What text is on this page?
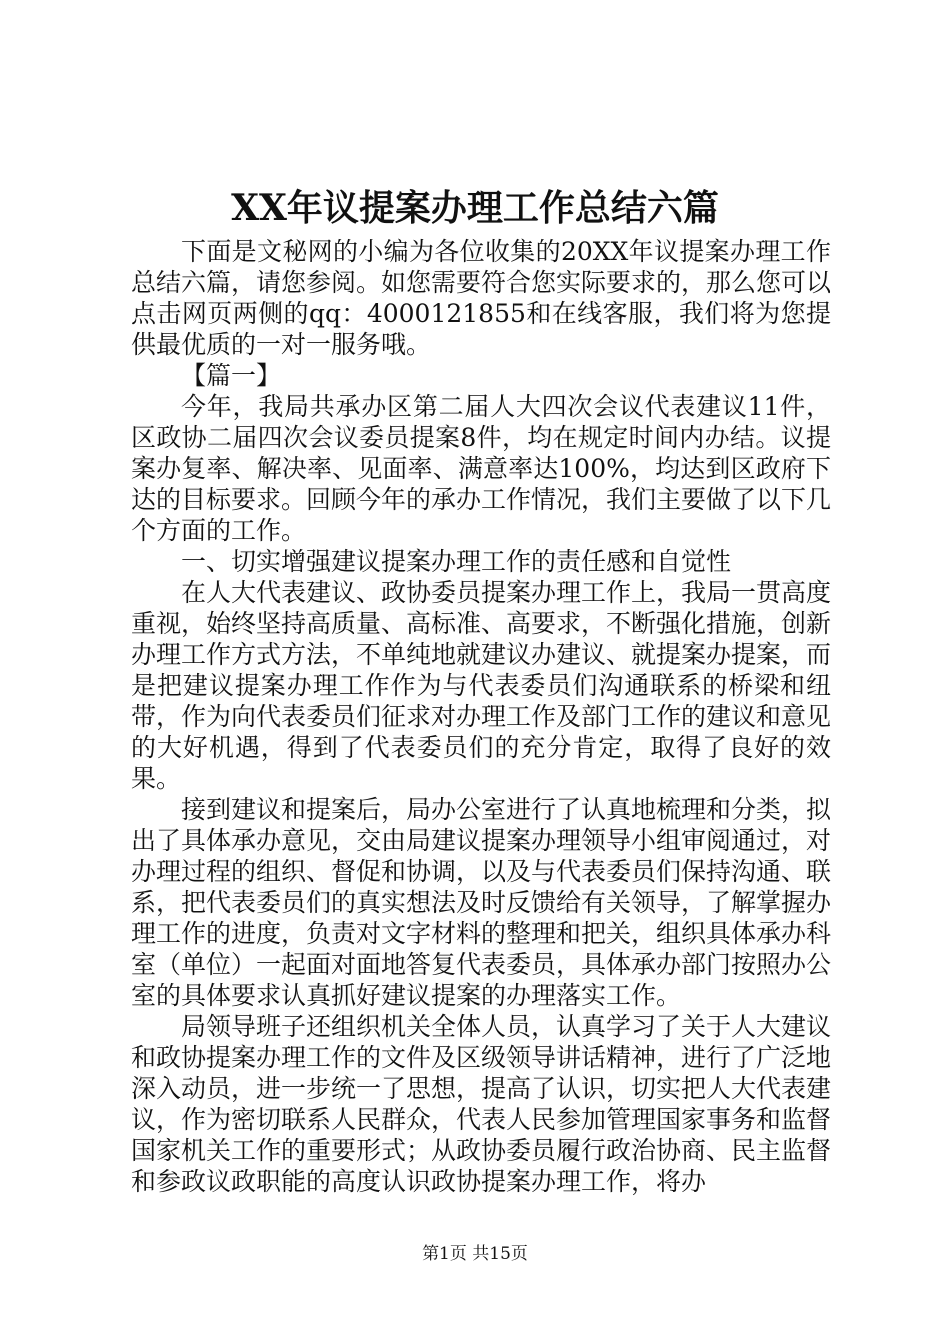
XX年议提案办理工作总结六篇

下面是文秘网的小编为各位收集的20XX年议提案办理工作总结六篇，请您参阅。如您需要符合您实际要求的，那么您可以点击网页两侧的qq：4000121855和在线客服，我们将为您提供最优质的一对一服务哦。

【篇一】

今年，我局共承办区第二届人大四次会议代表建议11件，区政协二届四次会议委员提案8件，均在规定时间内办结。议提案办复率、解决率、见面率、满意率达100%，均达到区政府下达的目标要求。回顾今年的承办工作情况，我们主要做了以下几个方面的工作。

一、切实增强建议提案办理工作的责任感和自觉性

在人大代表建议、政协委员提案办理工作上，我局一贯高度重视，始终坚持高质量、高标准、高要求，不断强化措施，创新办理工作方式方法，不单纯地就建议办建议、就提案办提案，而是把建议提案办理工作作为与代表委员们沟通联系的桥梁和纽带，作为向代表委员们征求对办理工作及部门工作的建议和意见的大好机遇，得到了代表委员们的充分肯定，取得了良好的效果。

接到建议和提案后，局办公室进行了认真地梳理和分类，拟出了具体承办意见，交由局建议提案办理领导小组审阅通过，对办理过程的组织、督促和协调，以及与代表委员们保持沟通、联系，把代表委员们的真实想法及时反馈给有关领导，了解掌握办理工作的进度，负责对文字材料的整理和把关，组织具体承办科室（单位）一起面对面地答复代表委员，具体承办部门按照办公室的具体要求认真抓好建议提案的办理落实工作。

局领导班子还组织机关全体人员，认真学习了关于人大建议和政协提案办理工作的文件及区级领导讲话精神，进行了广泛地深入动员，进一步统一了思想，提高了认识，切实把人大代表建议，作为密切联系人民群众，代表人民参加管理国家事务和监督国家机关工作的重要形式；从政协委员履行政治协商、民主监督和参政议政职能的高度认识政协提案办理工作，将办

第1页 共15页
